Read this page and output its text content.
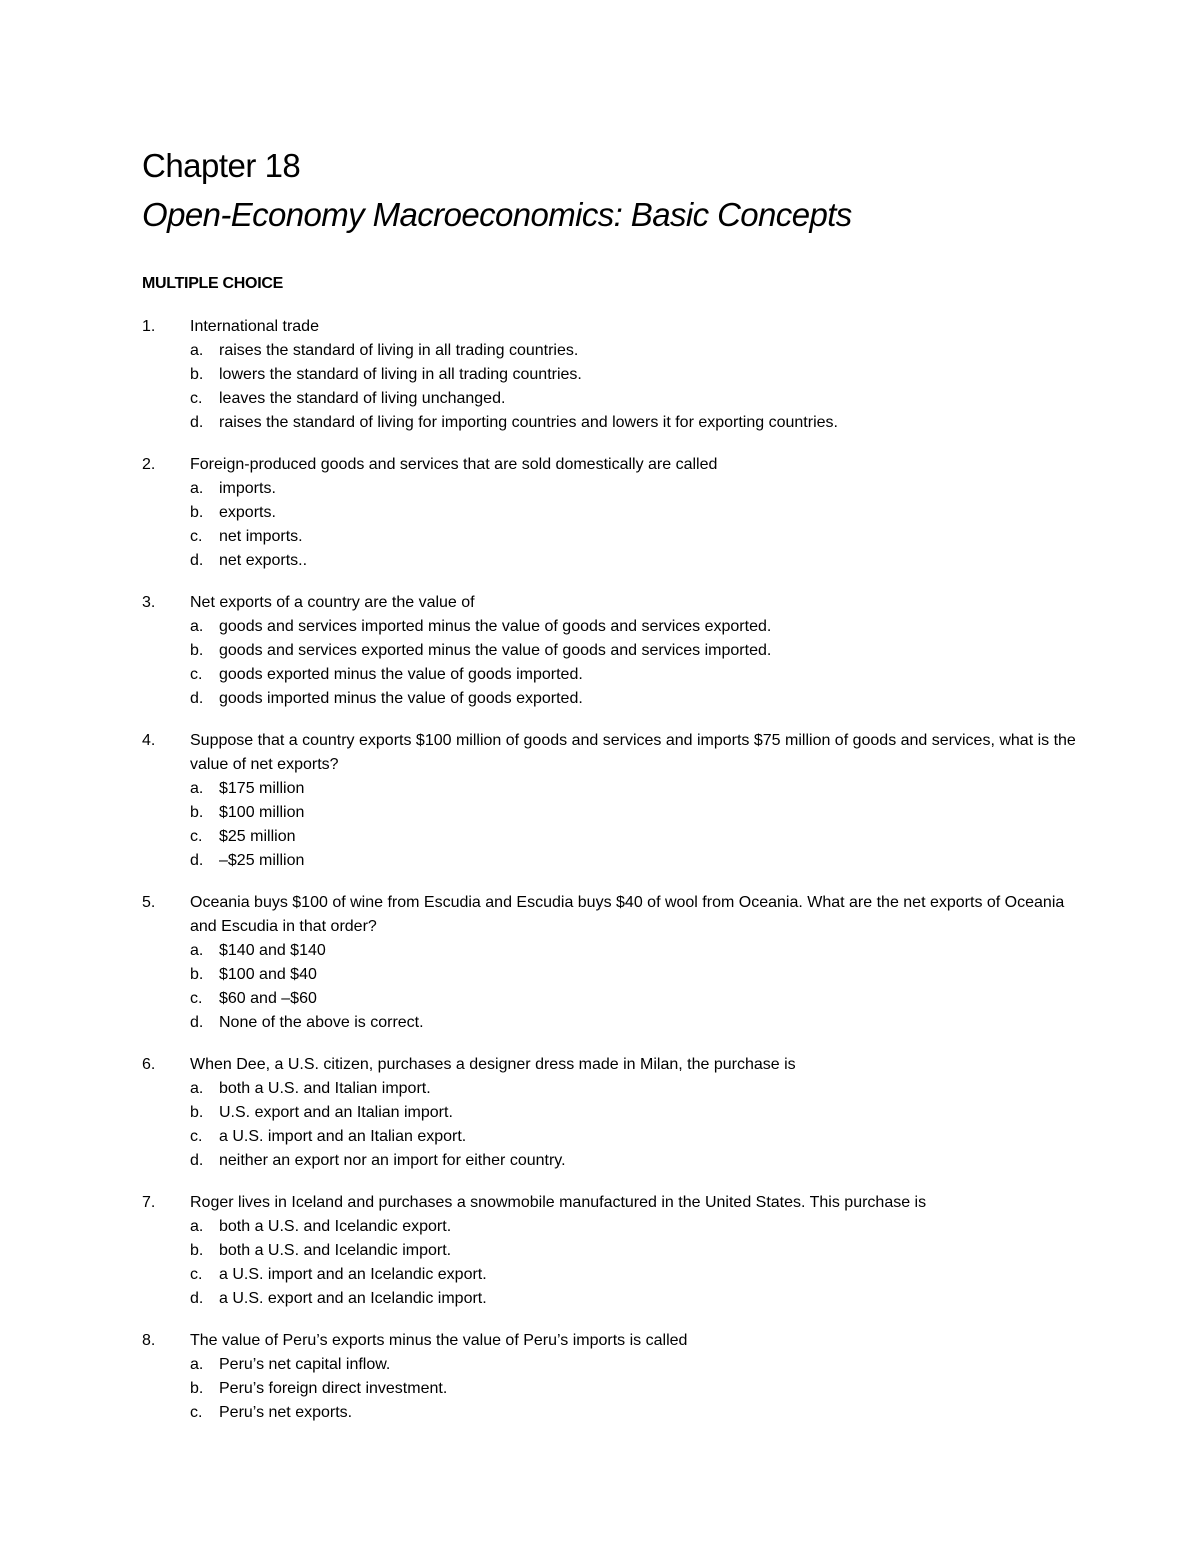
Chapter 18
Open-Economy Macroeconomics: Basic Concepts
MULTIPLE CHOICE
1. International trade
a. raises the standard of living in all trading countries.
b. lowers the standard of living in all trading countries.
c. leaves the standard of living unchanged.
d. raises the standard of living for importing countries and lowers it for exporting countries.
2. Foreign-produced goods and services that are sold domestically are called
a. imports.
b. exports.
c. net imports.
d. net exports..
3. Net exports of a country are the value of
a. goods and services imported minus the value of goods and services exported.
b. goods and services exported minus the value of goods and services imported.
c. goods exported minus the value of goods imported.
d. goods imported minus the value of goods exported.
4. Suppose that a country exports $100 million of goods and services and imports $75 million of goods and services, what is the value of net exports?
a. $175 million
b. $100 million
c. $25 million
d. –$25 million
5. Oceania buys $100 of wine from Escudia and Escudia buys $40 of wool from Oceania. What are the net exports of Oceania and Escudia in that order?
a. $140 and $140
b. $100 and $40
c. $60 and –$60
d. None of the above is correct.
6. When Dee, a U.S. citizen, purchases a designer dress made in Milan, the purchase is
a. both a U.S. and Italian import.
b. U.S. export and an Italian import.
c. a U.S. import and an Italian export.
d. neither an export nor an import for either country.
7. Roger lives in Iceland and purchases a snowmobile manufactured in the United States. This purchase is
a. both a U.S. and Icelandic export.
b. both a U.S. and Icelandic import.
c. a U.S. import and an Icelandic export.
d. a U.S. export and an Icelandic import.
8. The value of Peru’s exports minus the value of Peru’s imports is called
a. Peru’s net capital inflow.
b. Peru’s foreign direct investment.
c. Peru’s net exports.
